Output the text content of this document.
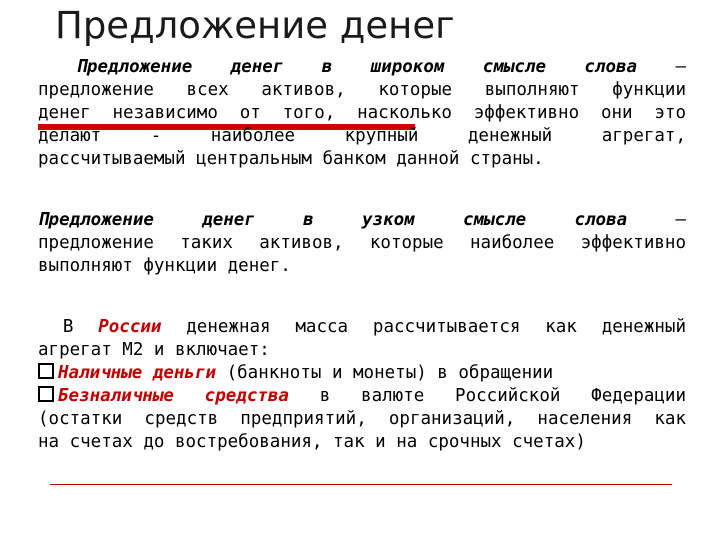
Предложение денег
Предложение денег в широком смысле слова —
предложение всех активов, которые выполняют функции
денег независимо от того, насколько эффективно они это
делают - наиболее крупный денежный агрегат,
рассчитываемый центральным банком данной страны.
Предложение денег в узком смысле слова —
предложение таких активов, которые наиболее эффективно
выполняют функции денег.
В России денежная масса рассчитывается как денежный
агрегат М2 и включает:
Наличные деньги (банкноты и монеты) в обращении
Безналичные средства в валюте Российской Федерации
(остатки средств предприятий, организаций, населения как
на счетах до востребования, так и на срочных счетах)
